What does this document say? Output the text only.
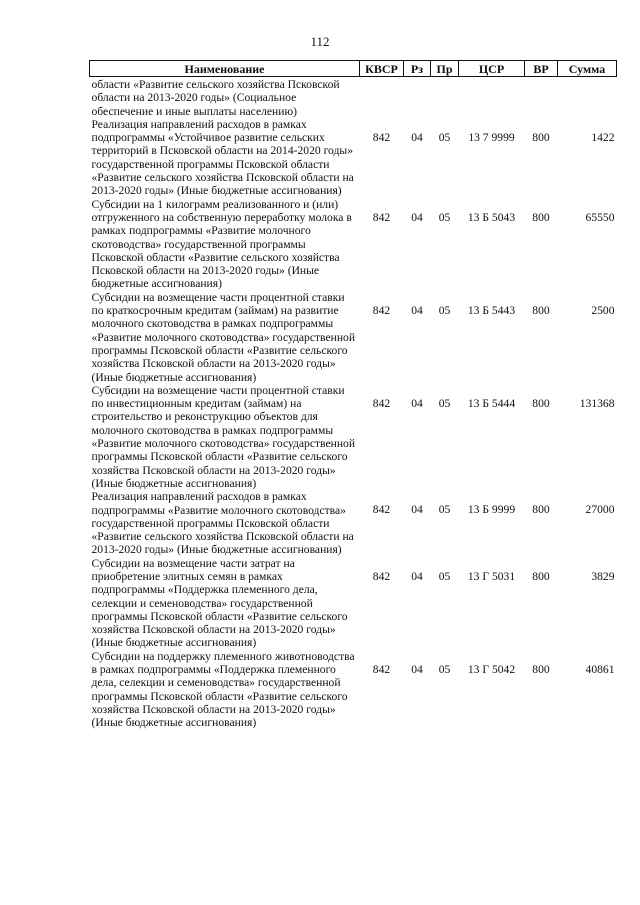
112
Наименование	КВСР	Рз	Пр	ЦСР	ВР	Сумма
области «Развитие сельского хозяйства Псковской области на 2013-2020 годы» (Социальное обеспечение и иные выплаты населению)						
Реализация направлений расходов в рамках подпрограммы «Устойчивое развитие сельских территорий в Псковской области на 2014-2020 годы» государственной программы Псковской области «Развитие сельского хозяйства Псковской области на 2013-2020 годы» (Иные бюджетные ассигнования)	842	04	05	13 7 9999	800	1422
Субсидии на 1 килограмм реализованного и (или) отгруженного на собственную переработку молока в рамках подпрограммы «Развитие молочного скотоводства» государственной программы Псковской области «Развитие сельского хозяйства Псковской области на 2013-2020 годы» (Иные бюджетные ассигнования)	842	04	05	13 Б 5043	800	65550
Субсидии на возмещение части процентной ставки по краткосрочным кредитам (займам) на развитие молочного скотоводства в рамках подпрограммы «Развитие молочного скотоводства» государственной программы Псковской области «Развитие сельского хозяйства Псковской области на 2013-2020 годы» (Иные бюджетные ассигнования)	842	04	05	13 Б 5443	800	2500
Субсидии на возмещение части процентной ставки по инвестиционным кредитам (займам) на строительство и реконструкцию объектов для молочного скотоводства в рамках подпрограммы «Развитие молочного скотоводства» государственной программы Псковской области «Развитие сельского хозяйства Псковской области на 2013-2020 годы» (Иные бюджетные ассигнования)	842	04	05	13 Б 5444	800	131368
Реализация направлений расходов в рамках подпрограммы «Развитие молочного скотоводства» государственной программы Псковской области «Развитие сельского хозяйства Псковской области на 2013-2020 годы» (Иные бюджетные ассигнования)	842	04	05	13 Б 9999	800	27000
Субсидии на возмещение части затрат на приобретение элитных семян в рамках подпрограммы «Поддержка племенного дела, селекции и семеноводства» государственной программы Псковской области «Развитие сельского хозяйства Псковской области на 2013-2020 годы» (Иные бюджетные ассигнования)	842	04	05	13 Г 5031	800	3829
Субсидии на поддержку племенного животноводства в рамках подпрограммы «Поддержка племенного дела, селекции и семеноводства» государственной программы Псковской области «Развитие сельского хозяйства Псковской области на 2013-2020 годы» (Иные бюджетные ассигнования)	842	04	05	13 Г 5042	800	40861
